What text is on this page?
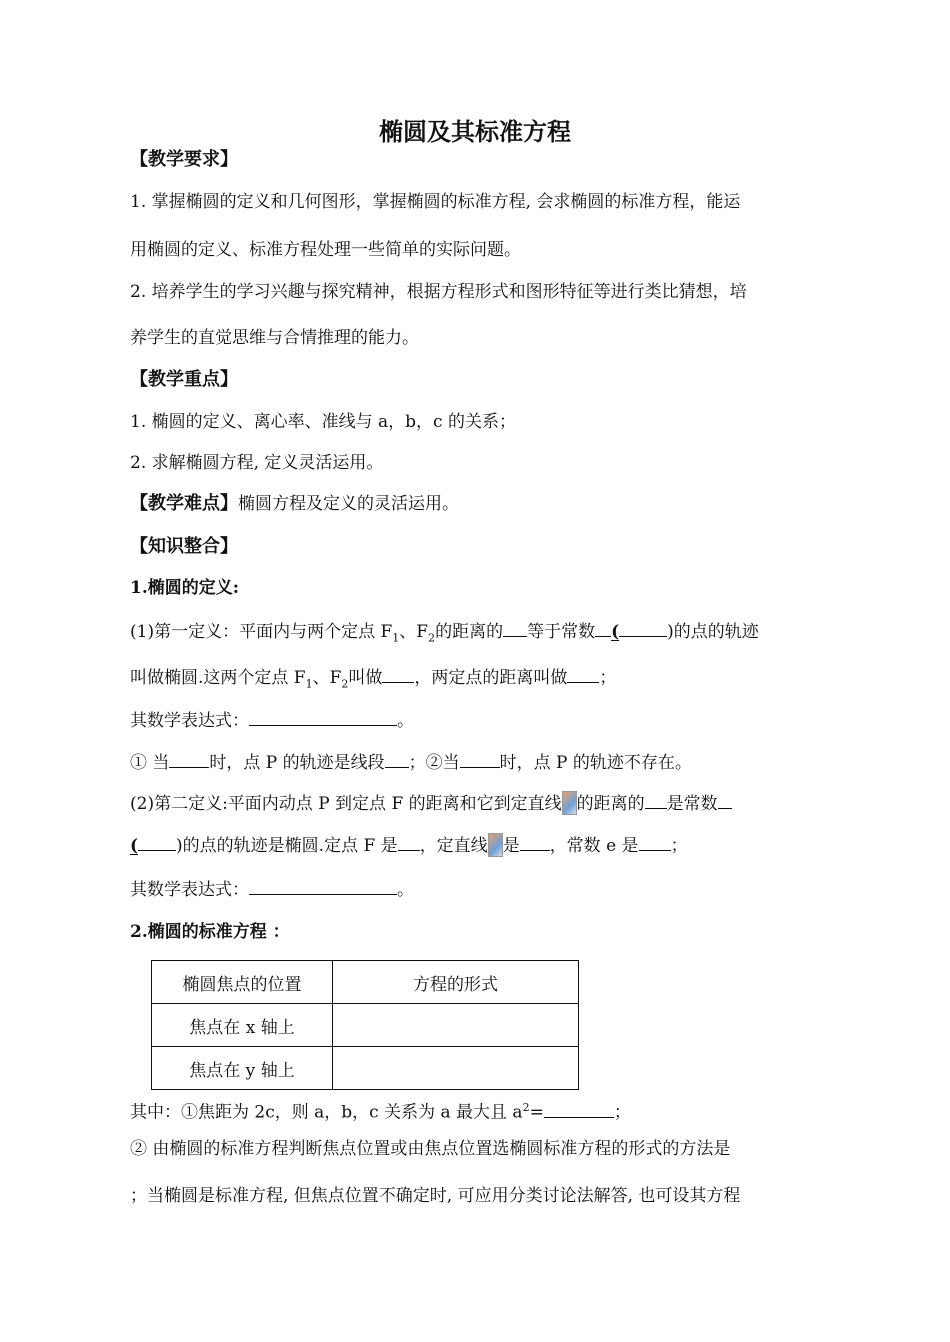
椭圆及其标准方程
【教学要求】
1. 掌握椭圆的定义和几何图形，掌握椭圆的标准方程, 会求椭圆的标准方程，能运
用椭圆的定义、标准方程处理一些简单的实际问题。
2. 培养学生的学习兴趣与探究精神，根据方程形式和图形特征等进行类比猜想，培
养学生的直觉思维与合情推理的能力。
【教学重点】
1. 椭圆的定义、离心率、准线与 a，b，c 的关系；
2. 求解椭圆方程, 定义灵活运用。
【教学难点】椭圆方程及定义的灵活运用。
【知识整合】
1.椭圆的定义:
(1)第一定义：平面内与两个定点 $F_1$、$F_2$的距离的 等于常数 (	)的点的轨迹
叫做椭圆.这两个定点 $F_1$、$F_2$叫做 ，两定点的距离叫做 ；
其数学表达式：	。
① 当 时，点 P 的轨迹是线段 ；②当 时，点 P 的轨迹不存在。
(2)第二定义:平面内动点 P 到定点 F 的距离和它到定直线 的距离的 是常数
( )的点的轨迹是椭圆.定点 F 是 ，定直线 是 ，常数 e 是 ；
其数学表达式：	。
2.椭圆的标准方程 ：
椭圆焦点的位置	方程的形式
焦点在 x 轴上	
焦点在 y 轴上	
其中：①焦距为 2c，则 a，b，c 关系为 a 最大且 $a^2=$	；
② 由椭圆的标准方程判断焦点位置或由焦点位置选椭圆标准方程的形式的方法是
；当椭圆是标准方程, 但焦点位置不确定时, 可应用分类讨论法解答, 也可设其方程
